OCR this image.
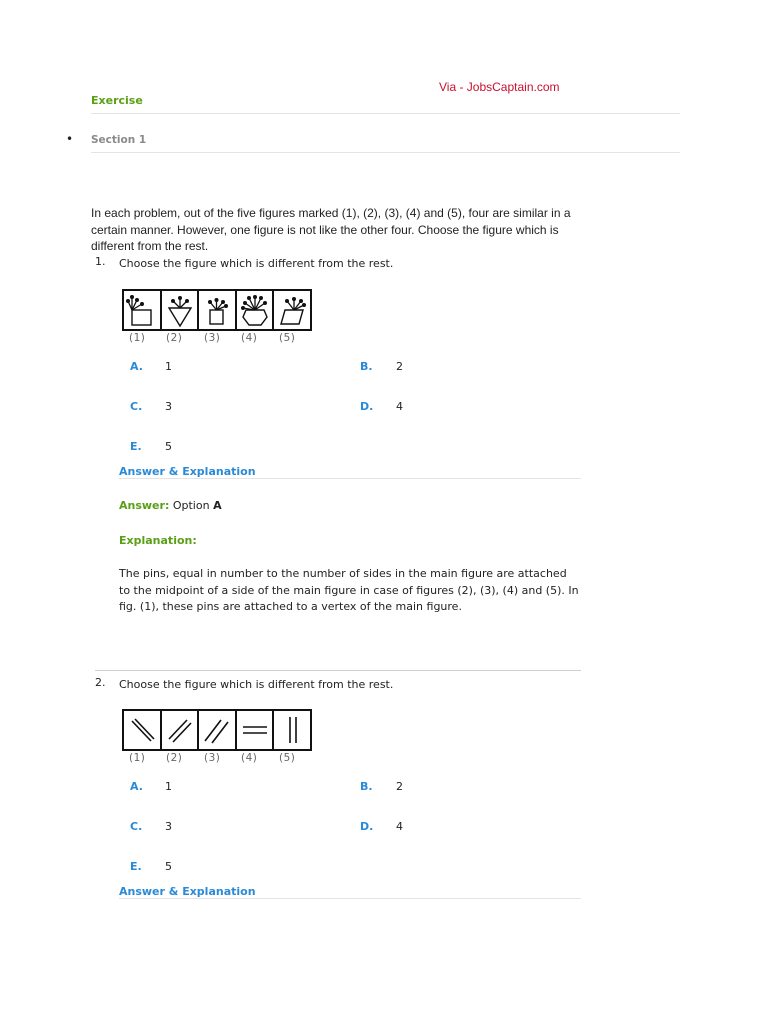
Via - JobsCaptain.com
Exercise
• Section 1
In each problem, out of the five figures marked (1), (2), (3), (4) and (5), four are similar in a certain manner. However, one figure is not like the other four. Choose the figure which is different from the rest.
1. Choose the figure which is different from the rest.
(1) (2) (3) (4) (5)
A. 1	B. 2
C. 3	D. 4
E. 5
Answer & Explanation
Answer: Option A
Explanation:
The pins, equal in number to the number of sides in the main figure are attached to the midpoint of a side of the main figure in case of figures (2), (3), (4) and (5). In fig. (1), these pins are attached to a vertex of the main figure.
2. Choose the figure which is different from the rest.
(1) (2) (3) (4) (5)
A. 1	B. 2
C. 3	D. 4
E. 5
Answer & Explanation
